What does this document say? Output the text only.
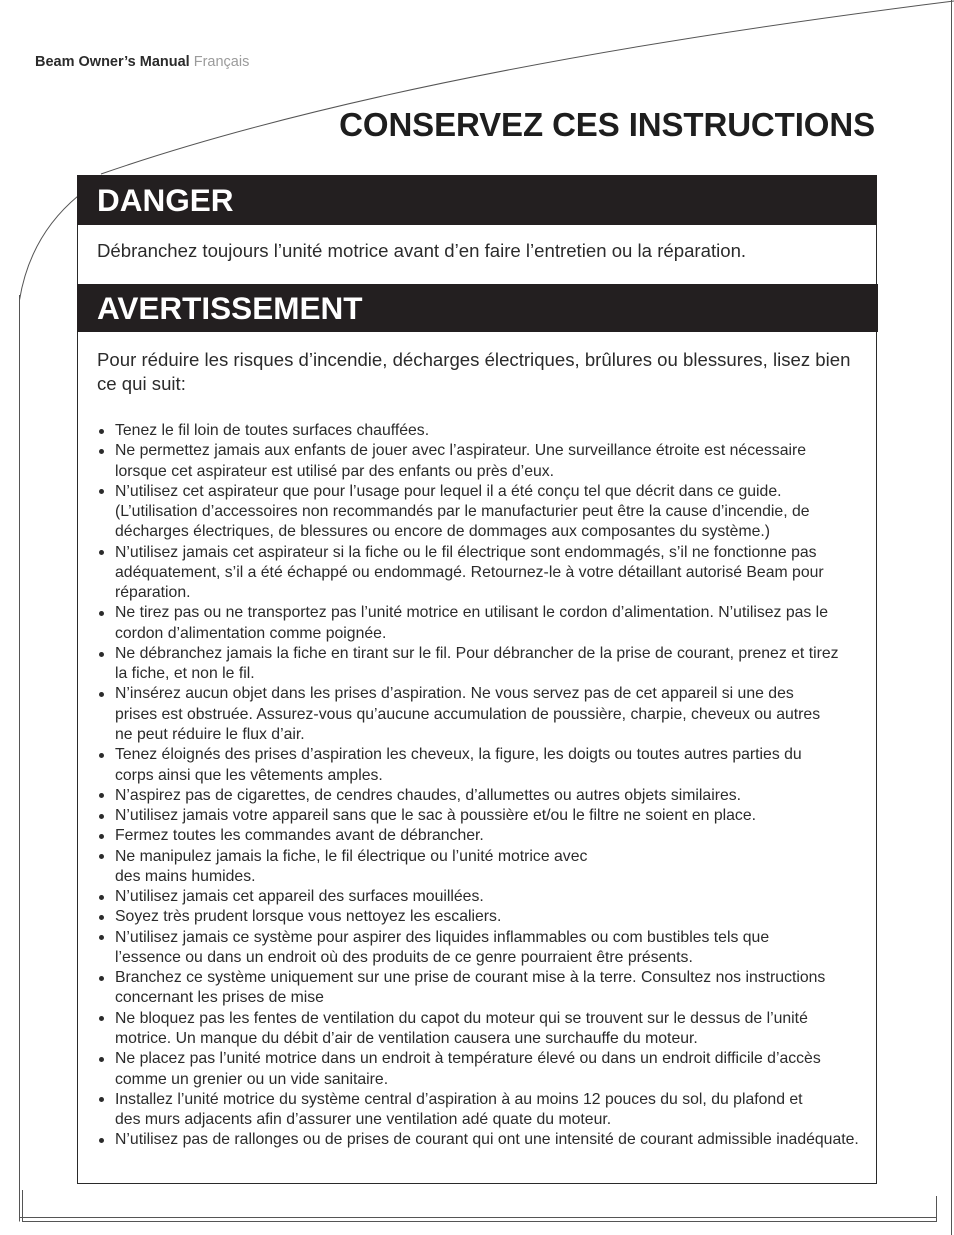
Beam Owner’s Manual Français
CONSERVEZ CES INSTRUCTIONS
DANGER

Débranchez toujours l’unité motrice avant d’en faire l’entretien ou la réparation.

AVERTISSEMENT

Pour réduire les risques d’incendie, décharges électriques, brûlures ou blessures, lisez bien
ce qui suit:

Tenez le fil loin de toutes surfaces chauffées.
Ne permettez jamais aux enfants de jouer avec l’aspirateur. Une surveillance étroite est nécessaire
lorsque cet aspirateur est utilisé par des enfants ou près d’eux.
N’utilisez cet aspirateur que pour l’usage pour lequel il a été conçu tel que décrit dans ce guide.
(L’utilisation d’accessoires non recommandés par le manufacturier peut être la cause d’incendie, de
décharges électriques, de blessures ou encore de dommages aux composantes du système.)
N’utilisez jamais cet aspirateur si la fiche ou le fil électrique sont endommagés, s’il ne fonctionne pas
adéquatement, s’il a été échappé ou endommagé. Retournez-le à votre détaillant autorisé Beam pour
réparation.
Ne tirez pas ou ne transportez pas l’unité motrice en utilisant le cordon d’alimentation. N’utilisez pas le
cordon d’alimentation comme poignée.
Ne débranchez jamais la fiche en tirant sur le fil. Pour débrancher de la prise de courant, prenez et tirez
la fiche, et non le fil.
N’insérez aucun objet dans les prises d’aspiration. Ne vous servez pas de cet appareil si une des
prises est obstruée. Assurez-vous qu’aucune accumulation de poussière, charpie, cheveux ou autres
ne peut réduire le flux d’air.
Tenez éloignés des prises d’aspiration les cheveux, la figure, les doigts ou toutes autres parties du
corps ainsi que les vêtements amples.
N’aspirez pas de cigarettes, de cendres chaudes, d’allumettes ou autres objets similaires.
N’utilisez jamais votre appareil sans que le sac à poussière et/ou le filtre ne soient en place.
Fermez toutes les commandes avant de débrancher.
Ne manipulez jamais la fiche, le fil électrique ou l’unité motrice avec
des mains humides.
N’utilisez jamais cet appareil des surfaces mouillées.
Soyez très prudent lorsque vous nettoyez les escaliers.
N’utilisez jamais ce système pour aspirer des liquides inflammables ou com bustibles tels que
l’essence ou dans un endroit où des produits de ce genre pourraient être présents.
Branchez ce système uniquement sur une prise de courant mise à la terre. Consultez nos instructions
concernant les prises de mise
Ne bloquez pas les fentes de ventilation du capot du moteur qui se trouvent sur le dessus de l’unité
motrice. Un manque du débit d’air de ventilation causera une surchauffe du moteur.
Ne placez pas l’unité motrice dans un endroit à température élevé ou dans un endroit difficile d’accès
comme un grenier ou un vide sanitaire.
Installez l’unité motrice du système central d’aspiration à au moins 12 pouces du sol, du plafond et
des murs adjacents afin d’assurer une ventilation adé quate du moteur.
N’utilisez pas de rallonges ou de prises de courant qui ont une intensité de courant admissible inadéquate.
